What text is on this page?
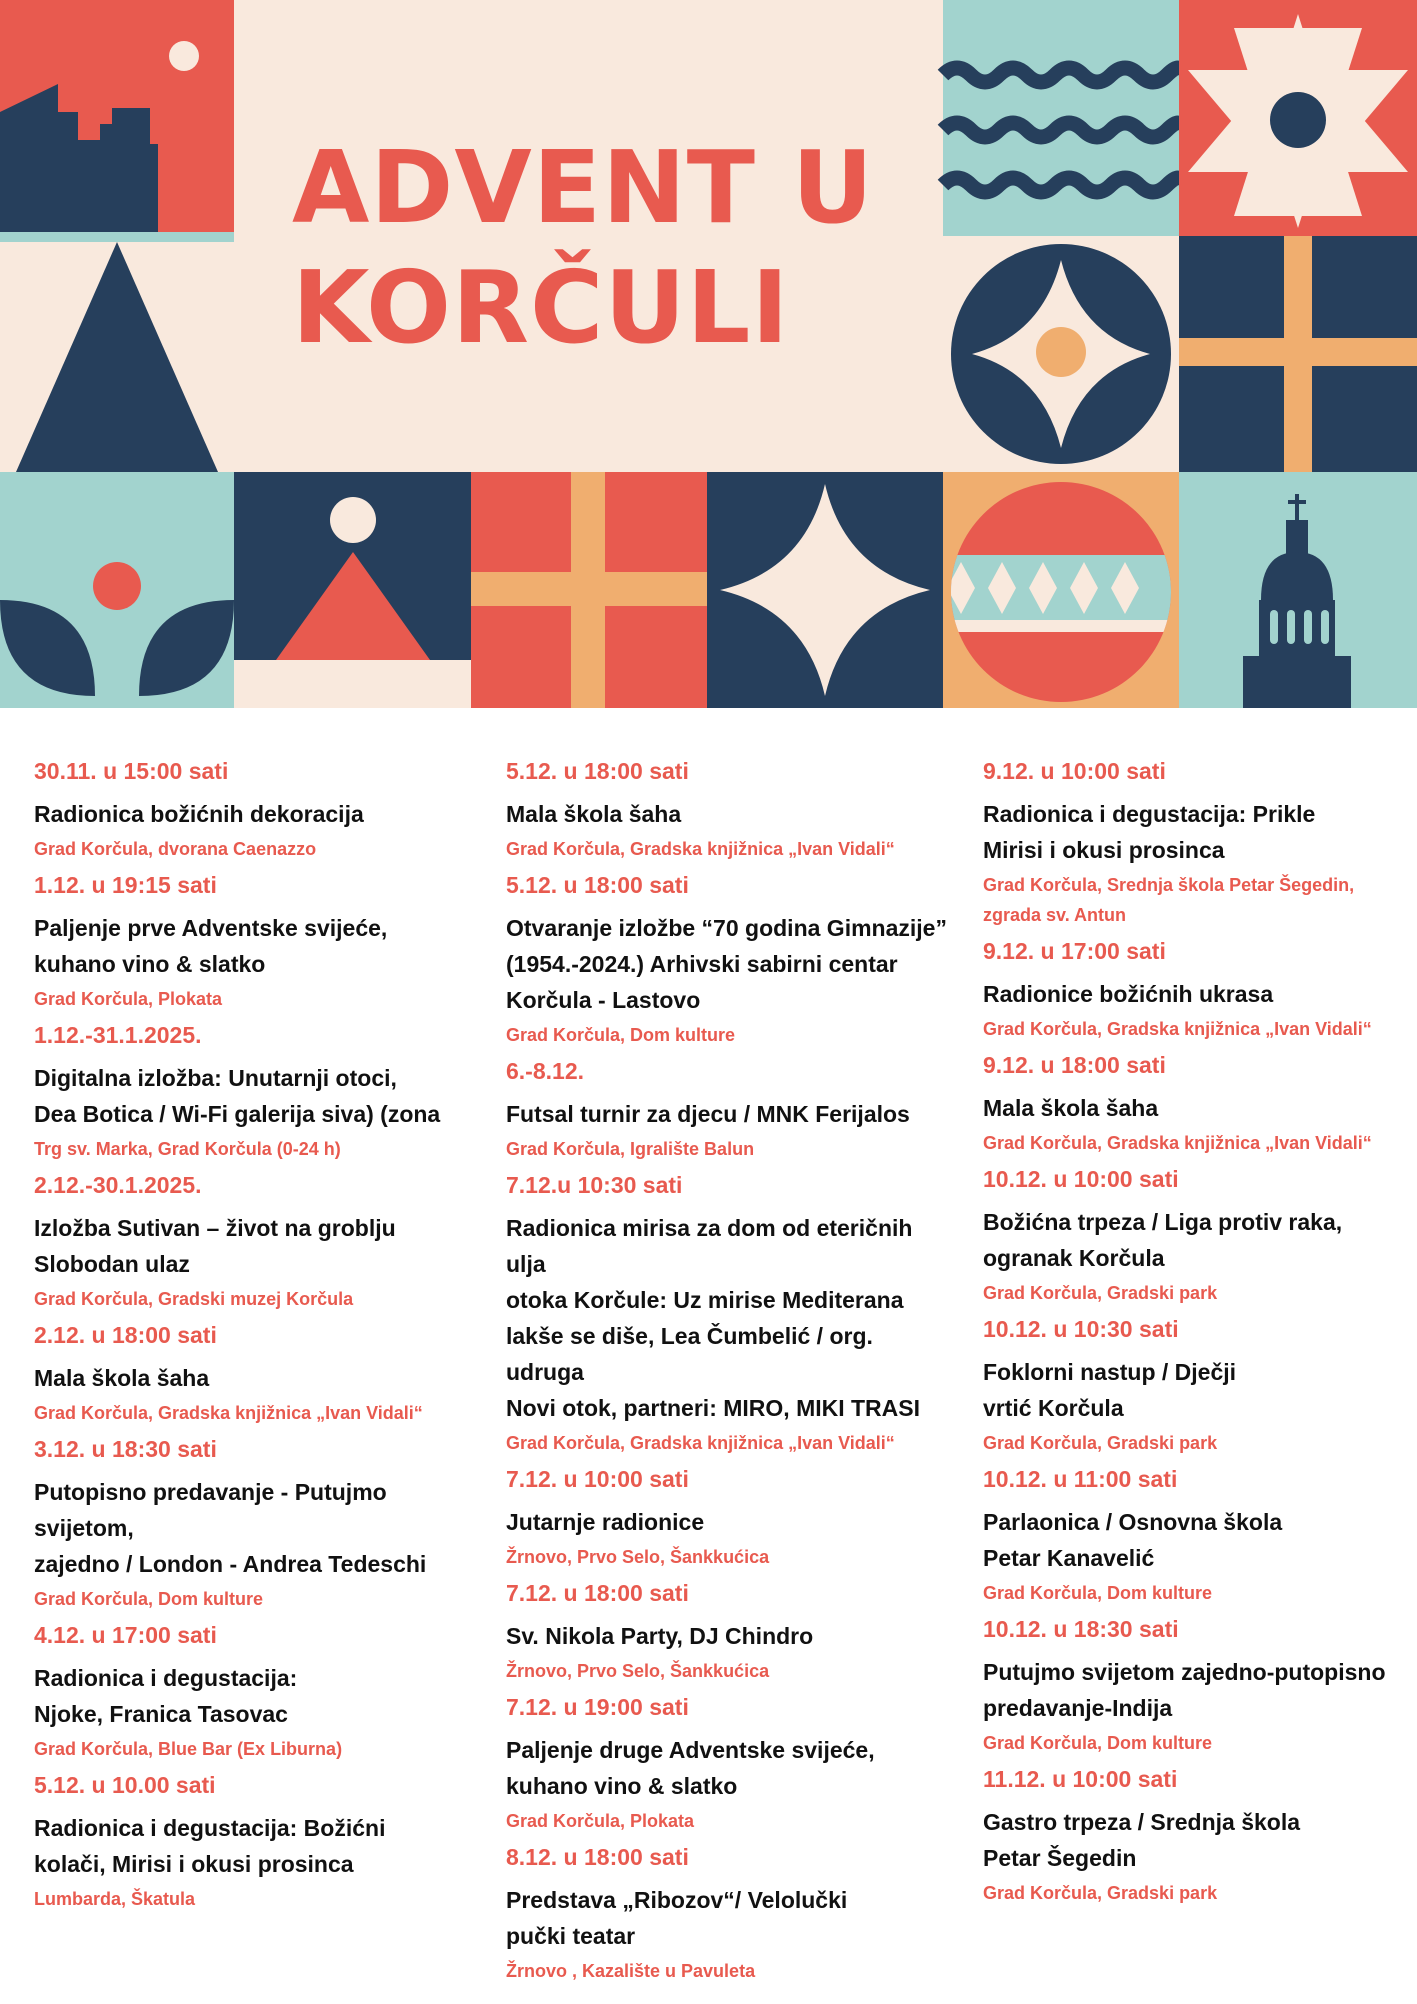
ADVENT U
KORČULI
30.11. u 15:00 sati
Radionica božićnih dekoracija
Grad Korčula, dvorana Caenazzo
1.12. u 19:15 sati
Paljenje prve Adventske svijeće,
kuhano vino & slatko
Grad Korčula, Plokata
1.12.-31.1.2025.
Digitalna izložba: Unutarnji otoci,
Dea Botica / Wi-Fi galerija siva) (zona
Trg sv. Marka, Grad Korčula (0-24 h)
2.12.-30.1.2025.
Izložba Sutivan – život na groblju
Slobodan ulaz
Grad Korčula, Gradski muzej Korčula
2.12. u 18:00 sati
Mala škola šaha
Grad Korčula, Gradska knjižnica „Ivan Vidali“
3.12. u 18:30 sati
Putopisno predavanje - Putujmo svijetom,
zajedno / London - Andrea Tedeschi
Grad Korčula, Dom kulture
4.12. u 17:00 sati
Radionica i degustacija:
Njoke, Franica Tasovac
Grad Korčula, Blue Bar (Ex Liburna)
5.12. u 10.00 sati
Radionica i degustacija: Božićni
kolači, Mirisi i okusi prosinca
Lumbarda, Škatula
5.12. u 18:00 sati
Mala škola šaha
Grad Korčula, Gradska knjižnica „Ivan Vidali“
5.12. u 18:00 sati
Otvaranje izložbe “70 godina Gimnazije”
(1954.-2024.) Arhivski sabirni centar
Korčula - Lastovo
Grad Korčula, Dom kulture
6.-8.12.
Futsal turnir za djecu / MNK Ferijalos
Grad Korčula, Igralište Balun
7.12.u 10:30 sati
Radionica mirisa za dom od eteričnih ulja
otoka Korčule: Uz mirise Mediterana
lakše se diše, Lea Čumbelić / org. udruga
Novi otok, partneri: MIRO, MIKI TRASI
Grad Korčula, Gradska knjižnica „Ivan Vidali“
7.12. u 10:00 sati
Jutarnje radionice
Žrnovo, Prvo Selo, Šankkućica
7.12. u 18:00 sati
Sv. Nikola Party, DJ Chindro
Žrnovo, Prvo Selo, Šankkućica
7.12. u 19:00 sati
Paljenje druge Adventske svijeće,
kuhano vino & slatko
Grad Korčula, Plokata
8.12. u 18:00 sati
Predstava „Ribozov“/ Velolučki
pučki teatar
Žrnovo , Kazalište u Pavuleta
9.12. u 10:00 sati
Radionica i degustacija: Prikle
Mirisi i okusi prosinca
Grad Korčula, Srednja škola Petar Šegedin,
zgrada sv. Antun
9.12. u 17:00 sati
Radionice božićnih ukrasa
Grad Korčula, Gradska knjižnica „Ivan Vidali“
9.12. u 18:00 sati
Mala škola šaha
Grad Korčula, Gradska knjižnica „Ivan Vidali“
10.12. u 10:00 sati
Božićna trpeza / Liga protiv raka,
ogranak Korčula
Grad Korčula, Gradski park
10.12. u 10:30 sati
Foklorni nastup / Dječji
vrtić Korčula
Grad Korčula, Gradski park
10.12. u 11:00 sati
Parlaonica / Osnovna škola
Petar Kanavelić
Grad Korčula, Dom kulture
10.12. u 18:30 sati
Putujmo svijetom zajedno-putopisno
predavanje-Indija
Grad Korčula, Dom kulture
11.12. u 10:00 sati
Gastro trpeza / Srednja škola
Petar Šegedin
Grad Korčula, Gradski park
